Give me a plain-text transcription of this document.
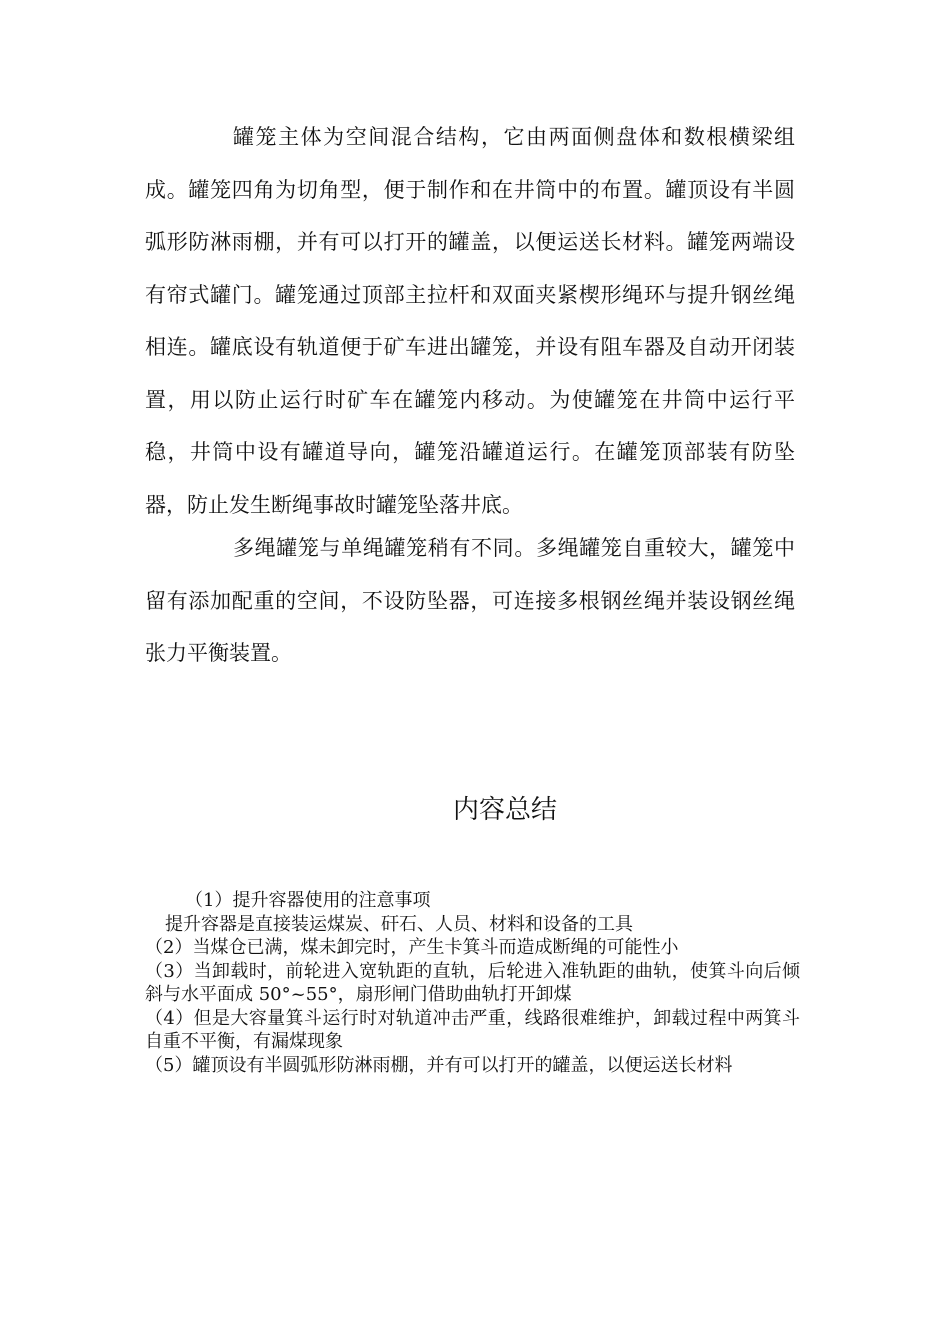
罐笼主体为空间混合结构，它由两面侧盘体和数根横梁组成。罐笼四角为切角型，便于制作和在井筒中的布置。罐顶设有半圆弧形防淋雨棚，并有可以打开的罐盖，以便运送长材料。罐笼两端设有帘式罐门。罐笼通过顶部主拉杆和双面夹紧楔形绳环与提升钢丝绳相连。罐底设有轨道便于矿车进出罐笼，并设有阻车器及自动开闭装置，用以防止运行时矿车在罐笼内移动。为使罐笼在井筒中运行平稳，井筒中设有罐道导向，罐笼沿罐道运行。在罐笼顶部装有防坠器，防止发生断绳事故时罐笼坠落井底。

多绳罐笼与单绳罐笼稍有不同。多绳罐笼自重较大，罐笼中留有添加配重的空间，不设防坠器，可连接多根钢丝绳并装设钢丝绳张力平衡装置。

内容总结
（1）提升容器使用的注意事项
提升容器是直接装运煤炭、矸石、人员、材料和设备的工具
（2）当煤仓已满，煤未卸完时，产生卡箕斗而造成断绳的可能性小
（3）当卸载时，前轮进入宽轨距的直轨，后轮进入准轨距的曲轨，使箕斗向后倾斜与水平面成 50°~55°，扇形闸门借助曲轨打开卸煤
（4）但是大容量箕斗运行时对轨道冲击严重，线路很难维护，卸载过程中两箕斗自重不平衡，有漏煤现象
（5）罐顶设有半圆弧形防淋雨棚，并有可以打开的罐盖，以便运送长材料
